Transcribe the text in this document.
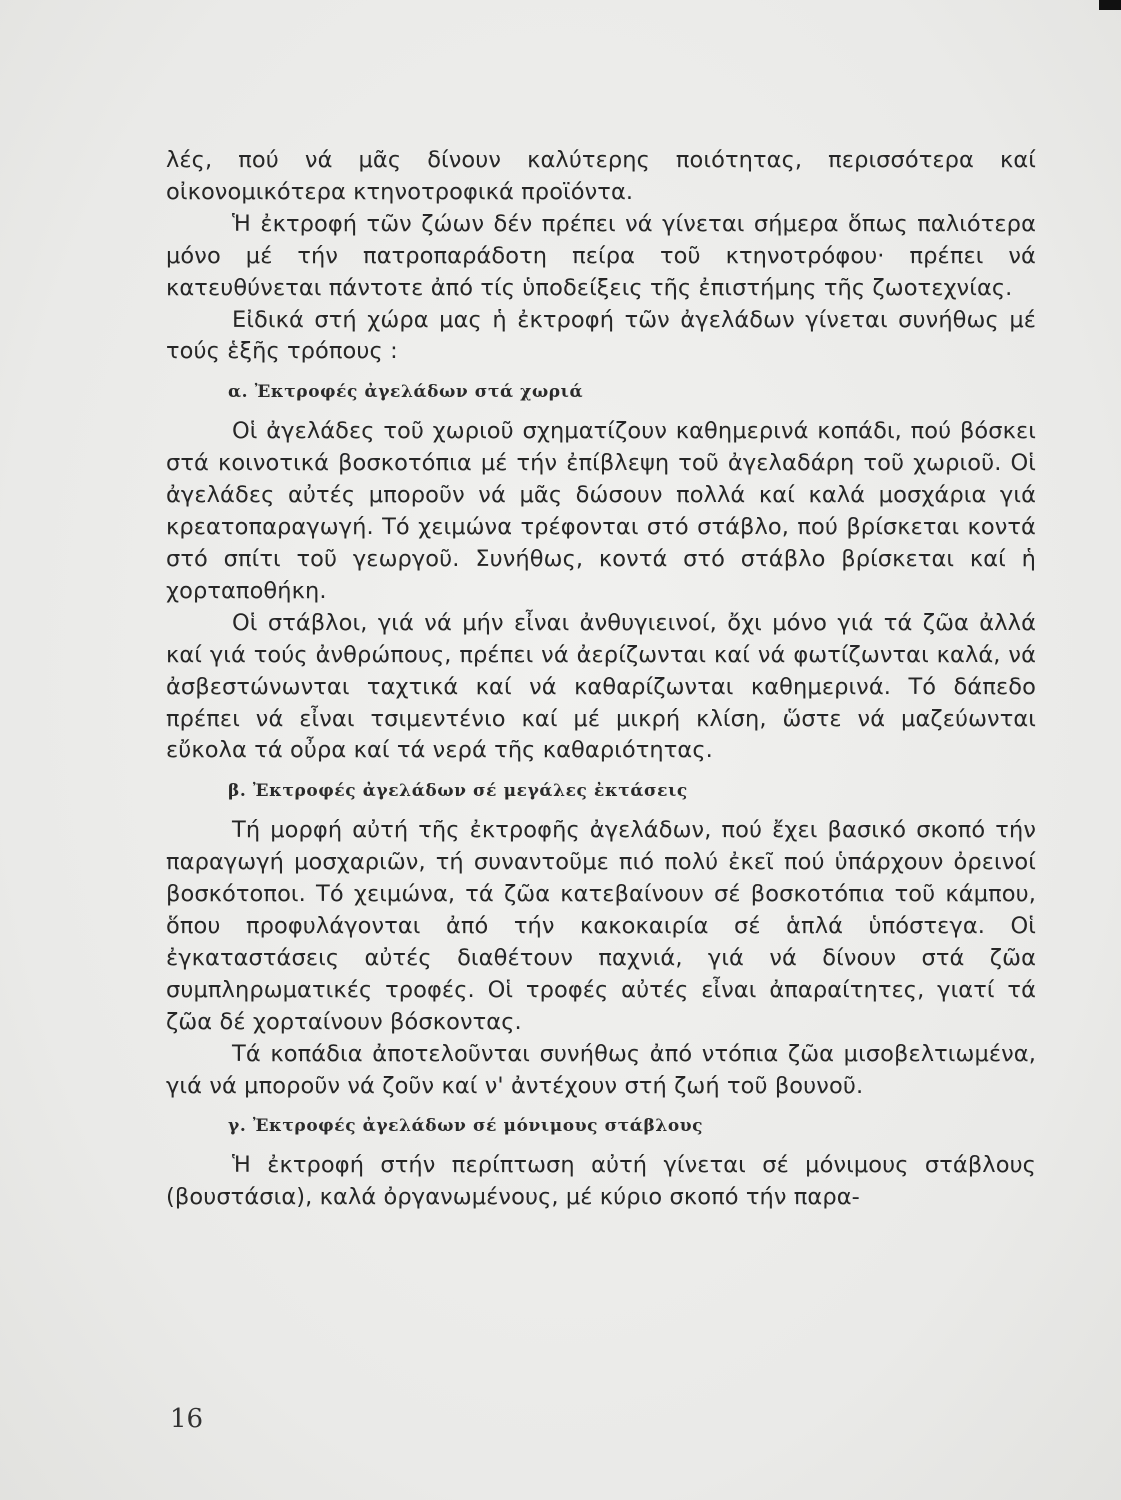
λές, πού νά μᾶς δίνουν καλύτερης ποιότητας, περισσότερα καί οἰκονομικότερα κτηνοτροφικά προϊόντα.

Ἡ ἐκτροφή τῶν ζώων δέν πρέπει νά γίνεται σήμερα ὅπως παλιότερα μόνο μέ τήν πατροπαράδοτη πείρα τοῦ κτηνοτρόφου· πρέπει νά κατευθύνεται πάντοτε ἀπό τίς ὑποδείξεις τῆς ἐπιστήμης τῆς ζωοτεχνίας.

Εἰδικά στή χώρα μας ἡ ἐκτροφή τῶν ἀγελάδων γίνεται συνήθως μέ τούς ἑξῆς τρόπους :

α. Ἐκτροφές ἀγελάδων στά χωριά

Οἱ ἀγελάδες τοῦ χωριοῦ σχηματίζουν καθημερινά κοπάδι, πού βόσκει στά κοινοτικά βοσκοτόπια μέ τήν ἐπίβλεψη τοῦ ἀγελαδάρη τοῦ χωριοῦ. Οἱ ἀγελάδες αὐτές μποροῦν νά μᾶς δώσουν πολλά καί καλά μοσχάρια γιά κρεατοπαραγωγή. Τό χειμώνα τρέφονται στό στάβλο, πού βρίσκεται κοντά στό σπίτι τοῦ γεωργοῦ. Συνήθως, κοντά στό στάβλο βρίσκεται καί ἡ χορταποθήκη.

Οἱ στάβλοι, γιά νά μήν εἶναι ἀνθυγιεινοί, ὄχι μόνο γιά τά ζῶα ἀλλά καί γιά τούς ἀνθρώπους, πρέπει νά ἀερίζωνται καί νά φωτίζωνται καλά, νά ἀσβεστώνωνται ταχτικά καί νά καθαρίζωνται καθημερινά. Τό δάπεδο πρέπει νά εἶναι τσιμεντένιο καί μέ μικρή κλίση, ὥστε νά μαζεύωνται εὔκολα τά οὖρα καί τά νερά τῆς καθαριότητας.

β. Ἐκτροφές ἀγελάδων σέ μεγάλες ἐκτάσεις

Τή μορφή αὐτή τῆς ἐκτροφῆς ἀγελάδων, πού ἔχει βασικό σκοπό τήν παραγωγή μοσχαριῶν, τή συναντοῦμε πιό πολύ ἐκεῖ πού ὑπάρχουν ὀρεινοί βοσκότοποι. Τό χειμώνα, τά ζῶα κατεβαίνουν σέ βοσκοτόπια τοῦ κάμπου, ὅπου προφυλάγονται ἀπό τήν κακοκαιρία σέ ἁπλά ὑπόστεγα. Οἱ ἐγκαταστάσεις αὐτές διαθέτουν παχνιά, γιά νά δίνουν στά ζῶα συμπληρωματικές τροφές. Οἱ τροφές αὐτές εἶναι ἀπαραίτητες, γιατί τά ζῶα δέ χορταίνουν βόσκοντας.

Τά κοπάδια ἀποτελοῦνται συνήθως ἀπό ντόπια ζῶα μισοβελτιωμένα, γιά νά μποροῦν νά ζοῦν καί ν' ἀντέχουν στή ζωή τοῦ βουνοῦ.

γ. Ἐκτροφές ἀγελάδων σέ μόνιμους στάβλους

Ἡ ἐκτροφή στήν περίπτωση αὐτή γίνεται σέ μόνιμους στάβλους (βουστάσια), καλά ὀργανωμένους, μέ κύριο σκοπό τήν παρα-

16
